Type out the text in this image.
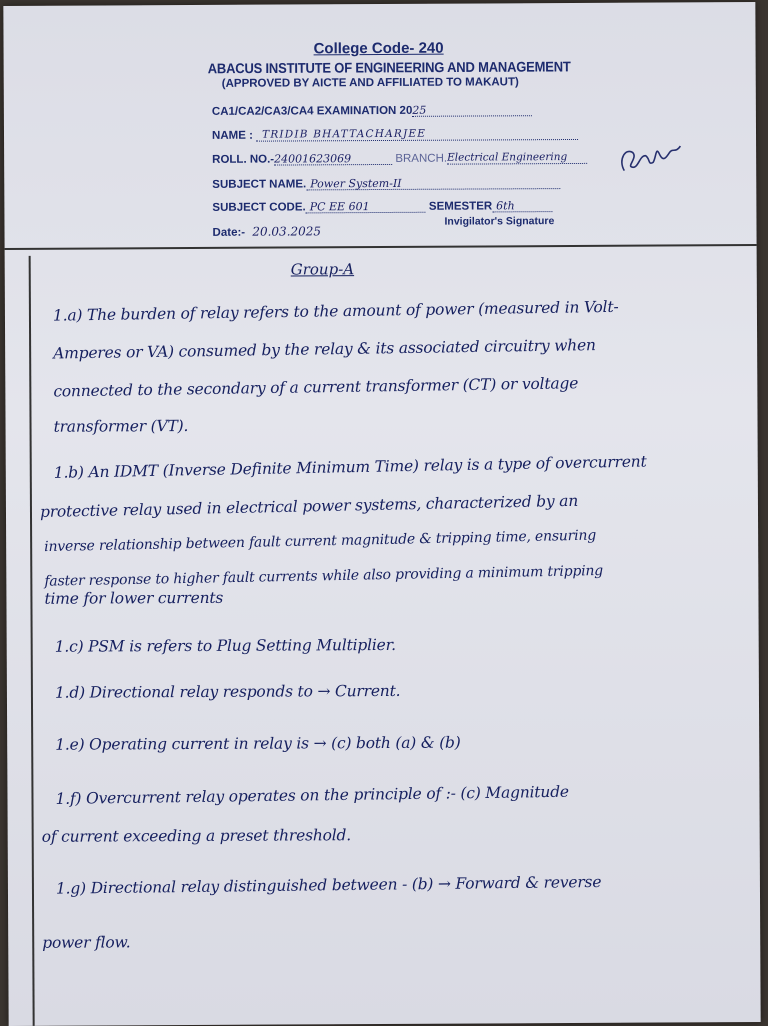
College Code- 240
ABACUS INSTITUTE OF ENGINEERING AND MANAGEMENT
(APPROVED BY AICTE AND AFFILIATED TO MAKAUT)
CA1/CA2/CA3/CA4 EXAMINATION 2025
NAME : TRIDIB BHATTACHARJEE
ROLL. NO.-24001623069	BRANCH.Electrical Engineering
SUBJECT NAME. Power System-II
SUBJECT CODE. PC EE 601	SEMESTER 6th
Date:- 20.03.2025
Invigilator's Signature
Group-A
1.a) The burden of relay refers to the amount of power (measured in Volt-
Amperes or VA) consumed by the relay & its associated circuitry when
connected to the secondary of a current transformer (CT) or voltage
transformer (VT).
1.b) An IDMT (Inverse Definite Minimum Time) relay is a type of overcurrent
protective relay used in electrical power systems, characterized by an
inverse relationship between fault current magnitude & tripping time, ensuring
faster response to higher fault currents while also providing a minimum tripping
time for lower currents
1.c) PSM is refers to Plug Setting Multiplier.
1.d) Directional relay responds to → Current.
1.e) Operating current in relay is → (c) both (a) & (b)
1.f) Overcurrent relay operates on the principle of :- (c) Magnitude
of current exceeding a preset threshold.
1.g) Directional relay distinguished between - (b) → Forward & reverse
power flow.
